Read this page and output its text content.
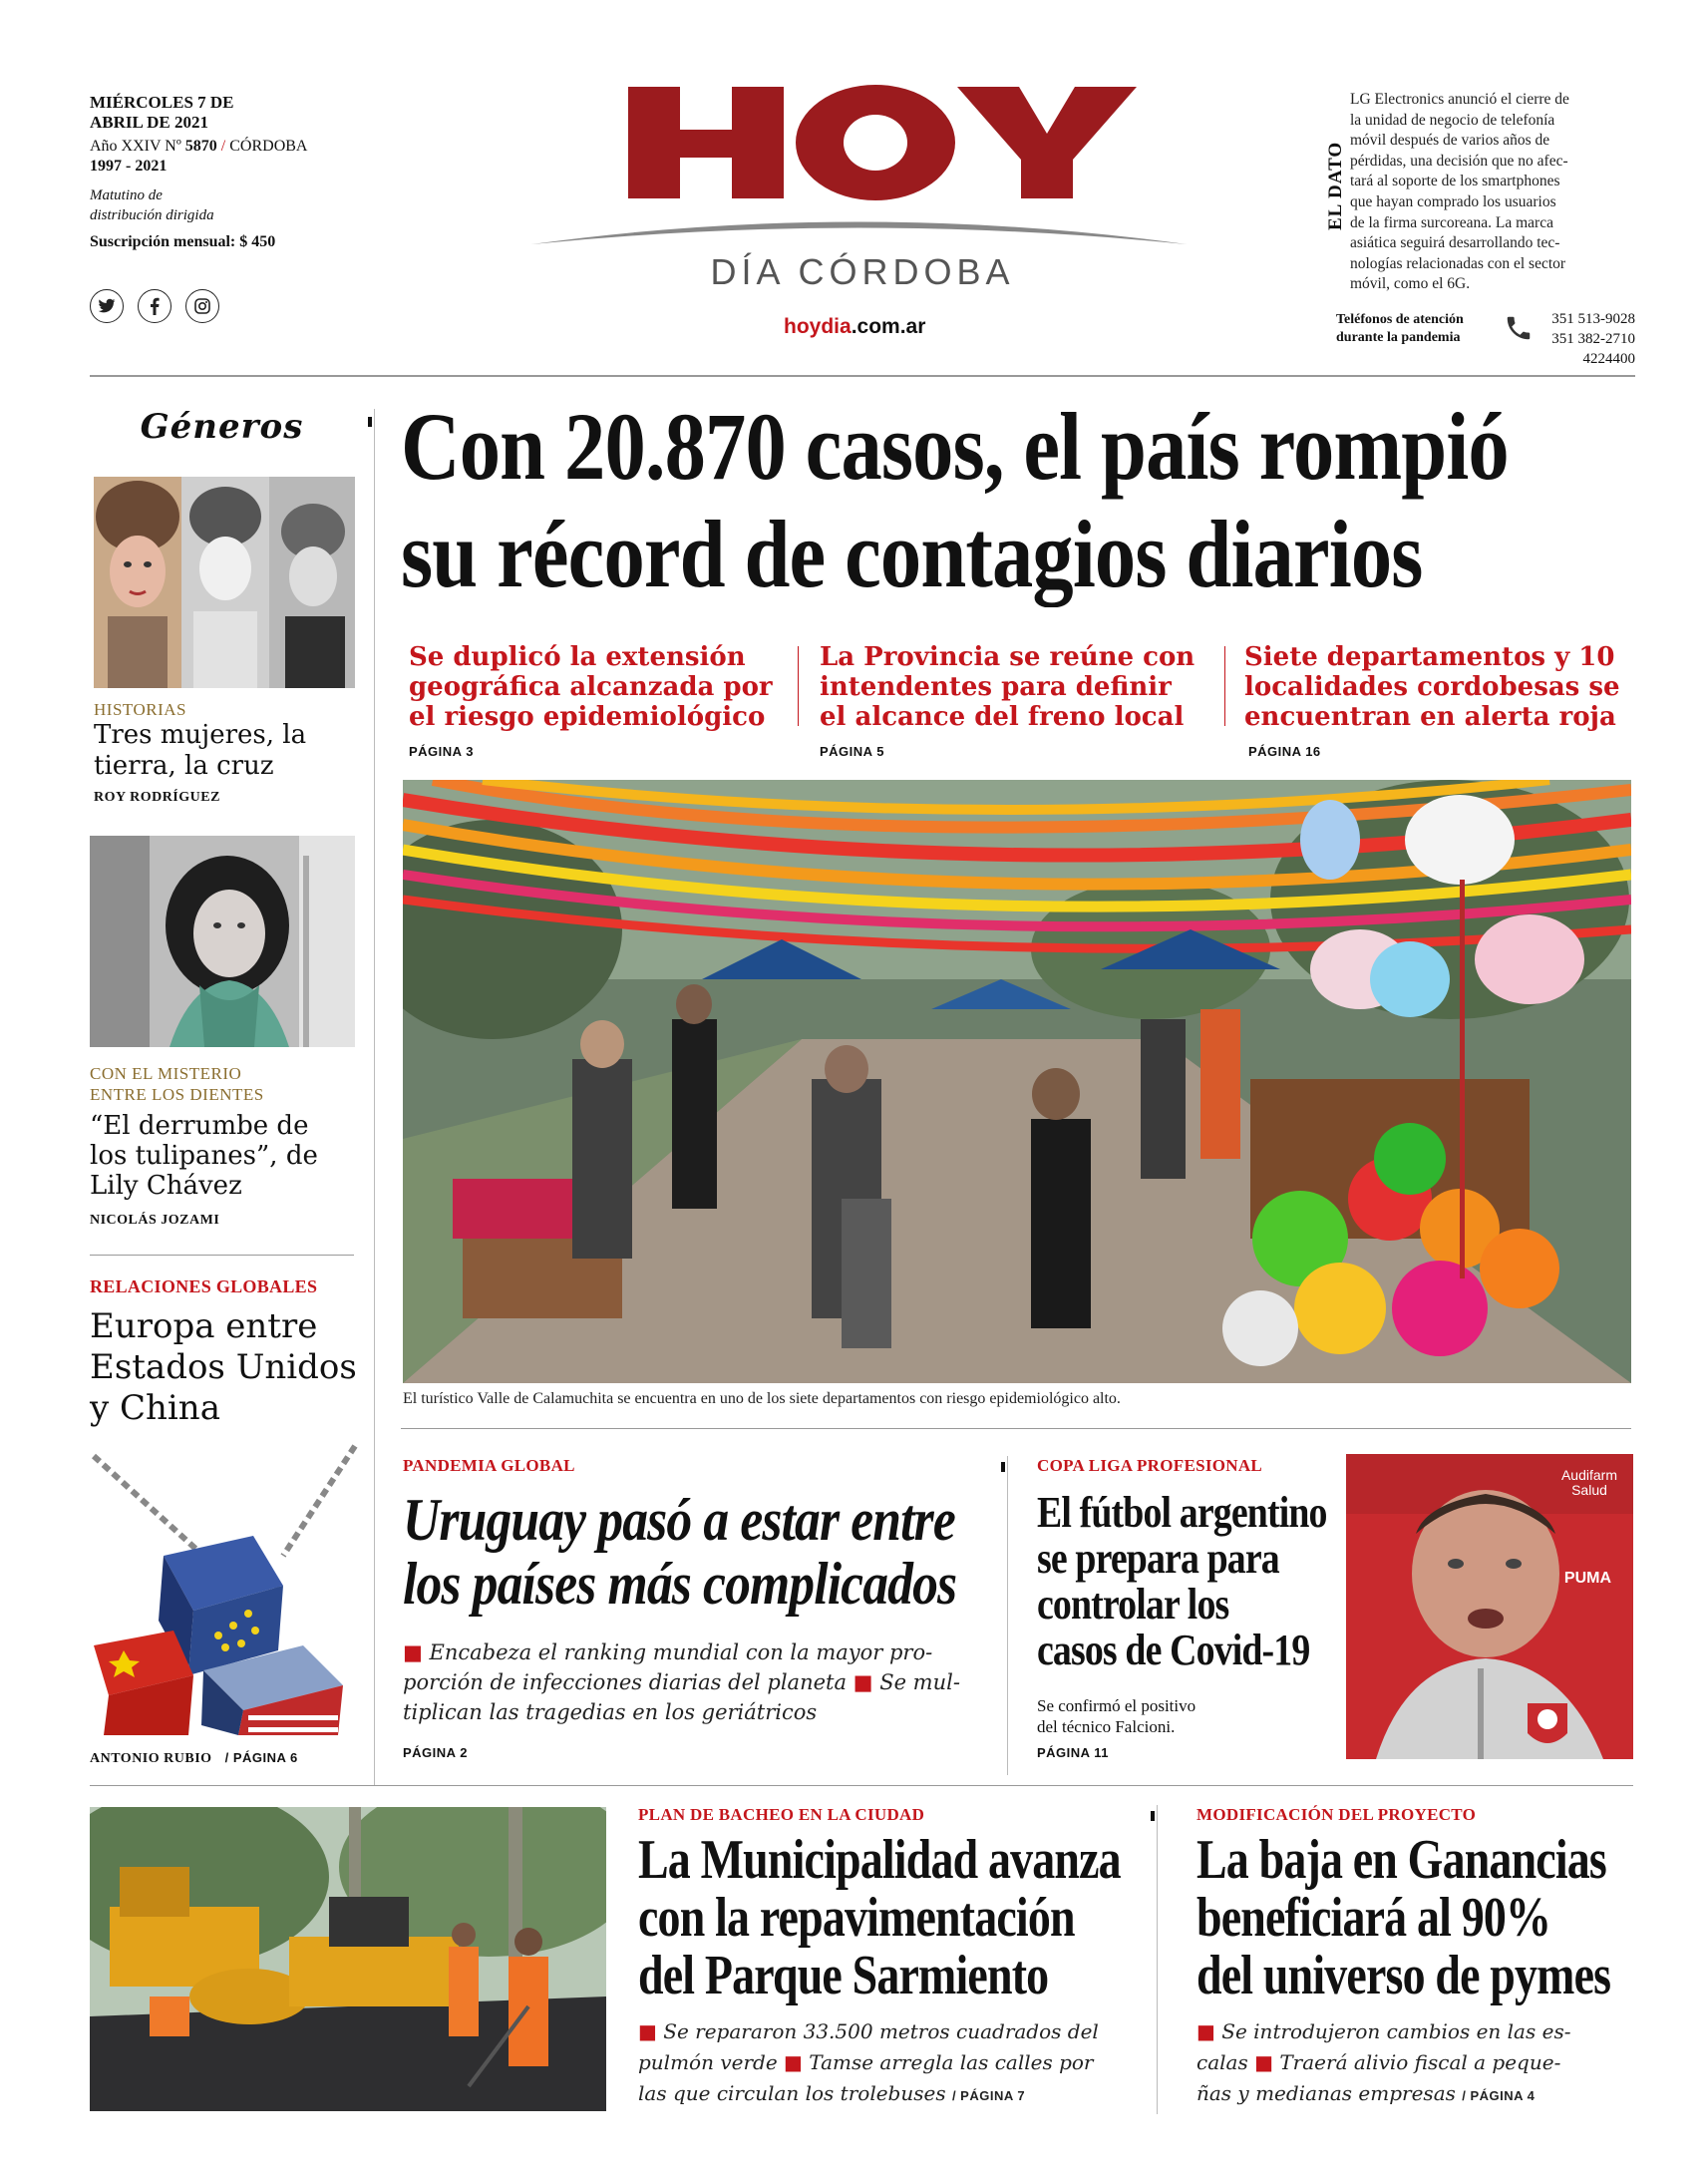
MIÉRCOLES 7 DE
ABRIL DE 2021
Año XXIV Nº 5870 / CÓRDOBA
1997 - 2021
Matutino de
distribución dirigida
Suscripción mensual: $ 450
DÍA CÓRDOBA
hoydia.com.ar
EL DATO
LG Electronics anunció el cierre de
la unidad de negocio de telefonía
móvil después de varios años de
pérdidas, una decisión que no afec-
tará al soporte de los smartphones
que hayan comprado los usuarios
de la firma surcoreana. La marca
asiática seguirá desarrollando tec-
nologías relacionadas con el sector
móvil, como el 6G.
Teléfonos de atención
durante la pandemia
351 513-9028
351 382-2710
4224400
Géneros
HISTORIAS
Tres mujeres, la
tierra, la cruz
ROY RODRÍGUEZ
CON EL MISTERIO
ENTRE LOS DIENTES
“El derrumbe de
los tulipanes”, de
Lily Chávez
NICOLÁS JOZAMI
RELACIONES GLOBALES
Europa entre
Estados Unidos
y China
ANTONIO RUBIO / PÁGINA 6
Con 20.870 casos, el país rompió
su récord de contagios diarios
Se duplicó la extensión
geográfica alcanzada por
el riesgo epidemiológico
PÁGINA 3
La Provincia se reúne con
intendentes para definir
el alcance del freno local
PÁGINA 5
Siete departamentos y 10
localidades cordobesas se
encuentran en alerta roja
PÁGINA 16
El turístico Valle de Calamuchita se encuentra en uno de los siete departamentos con riesgo epidemiológico alto.
PANDEMIA GLOBAL
Uruguay pasó a estar entre
los países más complicados
■ Encabeza el ranking mundial con la mayor pro-
porción de infecciones diarias del planeta ■ Se mul-
tiplican las tragedias en los geriátricos
PÁGINA 2
COPA LIGA PROFESIONAL
El fútbol argentino
se prepara para
controlar los
casos de Covid-19
Se confirmó el positivo
del técnico Falcioni.
PÁGINA 11
Audifarm
Salud
PUMA
PLAN DE BACHEO EN LA CIUDAD
La Municipalidad avanza
con la repavimentación
del Parque Sarmiento
■ Se repararon 33.500 metros cuadrados del
pulmón verde ■ Tamse arregla las calles por
las que circulan los trolebuses / PÁGINA 7
MODIFICACIÓN DEL PROYECTO
La baja en Ganancias
beneficiará al 90%
del universo de pymes
■ Se introdujeron cambios en las es-
calas ■ Traerá alivio fiscal a peque-
ñas y medianas empresas / PÁGINA 4
